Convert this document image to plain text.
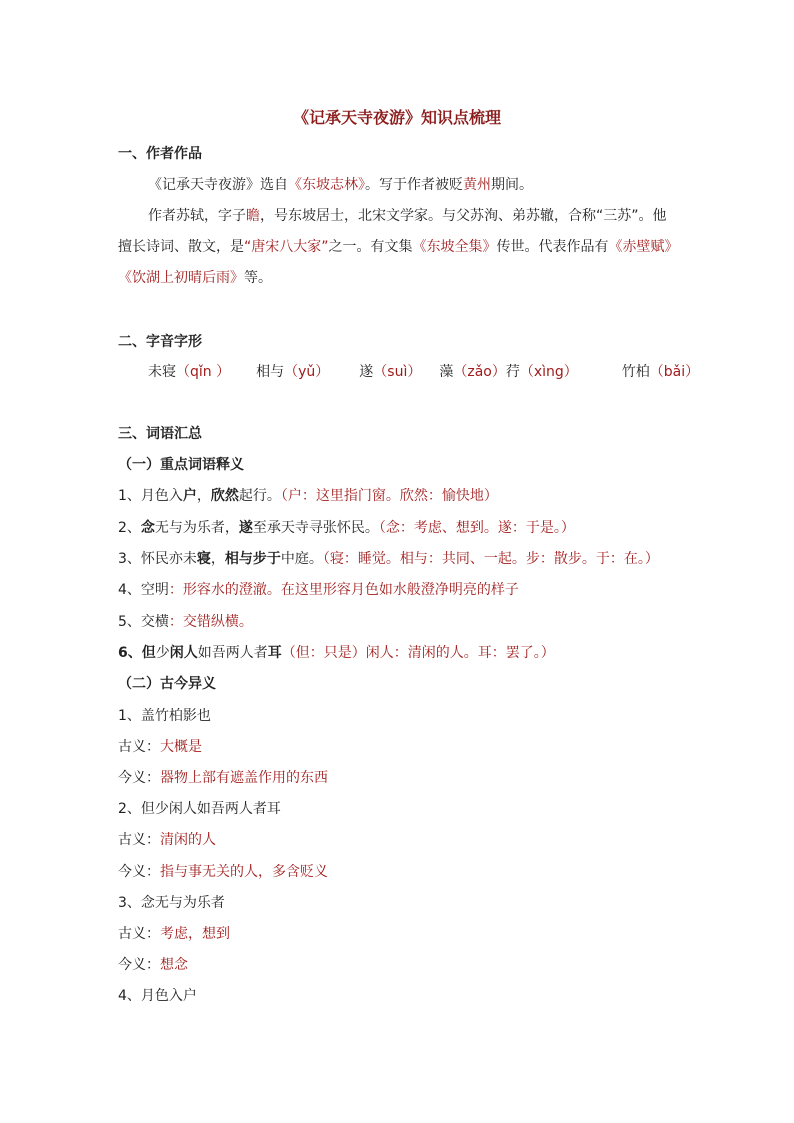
《记承天寺夜游》知识点梳理
一、作者作品
《记承天寺夜游》选自《东坡志林》。写于作者被贬黄州期间。
作者苏轼，字子瞻，号东坡居士，北宋文学家。与父苏洵、弟苏辙，合称“三苏”。他
擅长诗词、散文，是“唐宋八大家”之一。有文集《东坡全集》传世。代表作品有《赤壁赋》
《饮湖上初晴后雨》等。
二、字音字形
未寝（qǐn ） 相与（yǔ） 遂（suì） 藻（zǎo）荇（xìng）	竹柏（bǎi）
三、词语汇总
（一）重点词语释义
1、月色入户，欣然起行。（户：这里指门窗。欣然：愉快地）
2、念无与为乐者，遂至承天寺寻张怀民。（念：考虑、想到。遂：于是。）
3、怀民亦未寝，相与步于中庭。（寝：睡觉。相与：共同、一起。步：散步。于：在。）
4、空明：形容水的澄澈。在这里形容月色如水般澄净明亮的样子
5、交横：交错纵横。
6、但少闲人如吾两人者耳（但：只是）闲人：清闲的人。耳：罢了。）
（二）古今异义
1、盖竹柏影也
古义：大概是
今义：器物上部有遮盖作用的东西
2、但少闲人如吾两人者耳
古义：清闲的人
今义：指与事无关的人，多含贬义
3、念无与为乐者
古义：考虑，想到
今义：想念
4、月色入户
